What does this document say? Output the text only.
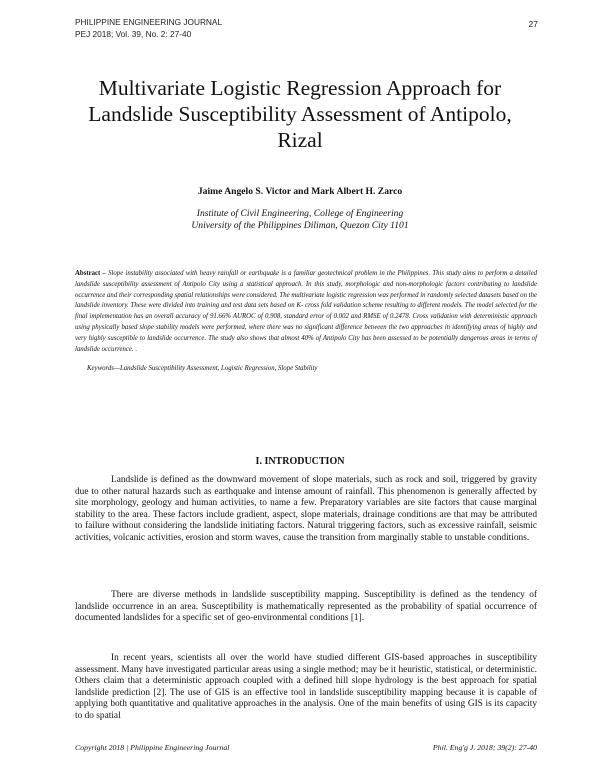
PHILIPPINE ENGINEERING JOURNAL
PEJ 2018; Vol. 39, No. 2: 27-40
27
Multivariate Logistic Regression Approach for Landslide Susceptibility Assessment of Antipolo, Rizal
Jaime Angelo S. Victor and Mark Albert H. Zarco
Institute of Civil Engineering, College of Engineering
University of the Philippines Diliman, Quezon City 1101
Abstract – Slope instability associated with heavy rainfall or earthquake is a familiar geotechnical problem in the Philippines. This study aims to perform a detailed landslide susceptibility assessment of Antipolo City using a statistical approach. In this study, morphologic and non-morphologic factors contributing to landslide occurrence and their corresponding spatial relationships were considered. The multivariate logistic regression was performed in randomly selected datasets based on the landslide inventory. These were divided into training and test data sets based on K- cross fold validation scheme resulting to different models. The model selected for the final implementation has an overall accuracy of 91.66% AUROC of 0.908, standard error of 0.002 and RMSE of 0.2478. Cross validation with deterministic approach using physically based slope stability models were performed, where there was no significant difference between the two approaches in identifying areas of highly and very highly susceptible to landslide occurrence. The study also shows that almost 40% of Antipolo City has been assessed to be potentially dangerous areas in terms of landslide occurrence. .
Keywords—Landslide Susceptibility Assessment, Logistic Regression, Slope Stability
I. INTRODUCTION

Landslide is defined as the downward movement of slope materials, such as rock and soil, triggered by gravity due to other natural hazards such as earthquake and intense amount of rainfall. This phenomenon is generally affected by site morphology, geology and human activities, to name a few. Preparatory variables are site factors that cause marginal stability to the area. These factors include gradient, aspect, slope materials, drainage conditions are that may be attributed to failure without considering the landslide initiating factors. Natural triggering factors, such as excessive rainfall, seismic activities, volcanic activities, erosion and storm waves, cause the transition from marginally stable to unstable conditions.

There are diverse methods in landslide susceptibility mapping. Susceptibility is defined as the tendency of landslide occurrence in an area. Susceptibility is mathematically represented as the probability of spatial occurrence of documented landslides for a specific set of geo-environmental conditions [1].

In recent years, scientists all over the world have studied different GIS-based approaches in susceptibility assessment. Many have investigated particular areas using a single method; may be it heuristic, statistical, or deterministic. Others claim that a deterministic approach coupled with a defined hill slope hydrology is the best approach for spatial landslide prediction [2]. The use of GIS is an effective tool in landslide susceptibility mapping because it is capable of applying both quantitative and qualitative approaches in the analysis. One of the main benefits of using GIS is its capacity to do spatial

Copyright 2018 | Philippine Engineering Journal	Phil. Eng'g J. 2018; 39(2): 27-40
